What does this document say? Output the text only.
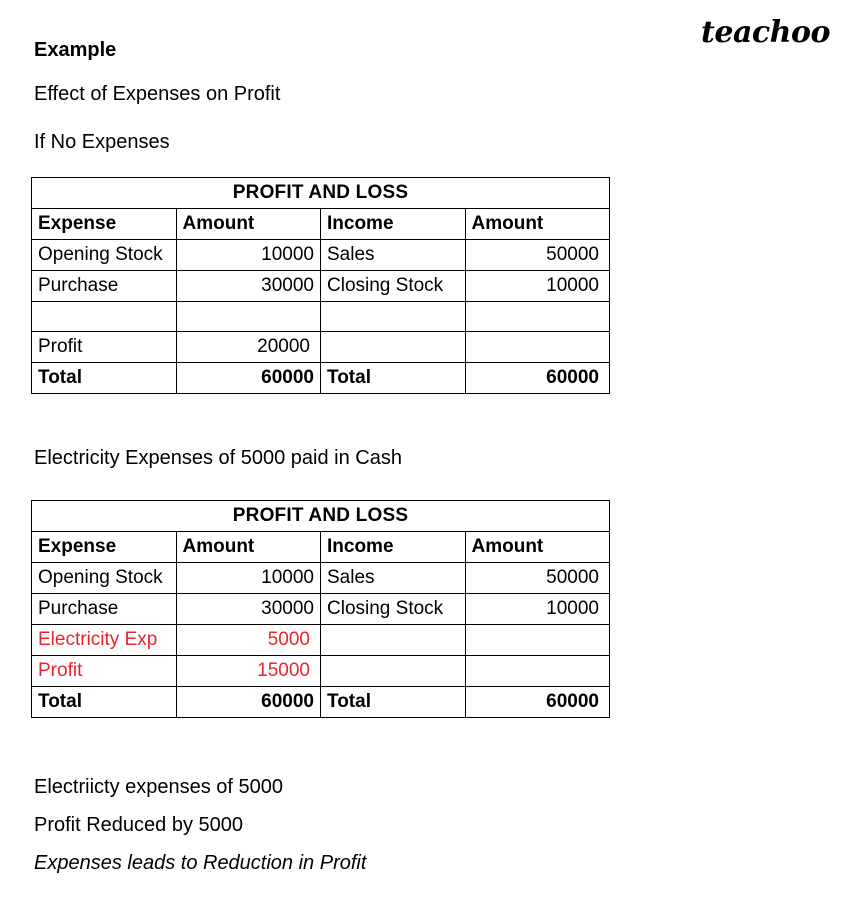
teachoo
Example
Effect of Expenses on Profit
If No Expenses
PROFIT AND LOSS			
Expense	Amount	Income	Amount
Opening Stock	10000	Sales	50000
Purchase	30000	Closing Stock	10000

Profit	20000		
Total	60000	Total	60000
Electricity Expenses of 5000 paid in Cash
PROFIT AND LOSS			
Expense	Amount	Income	Amount
Opening Stock	10000	Sales	50000
Purchase	30000	Closing Stock	10000
Electricity Exp	5000		
Profit	15000		
Total	60000	Total	60000
Electriicty expenses of 5000
Profit Reduced by 5000
Expenses leads to Reduction in Profit
